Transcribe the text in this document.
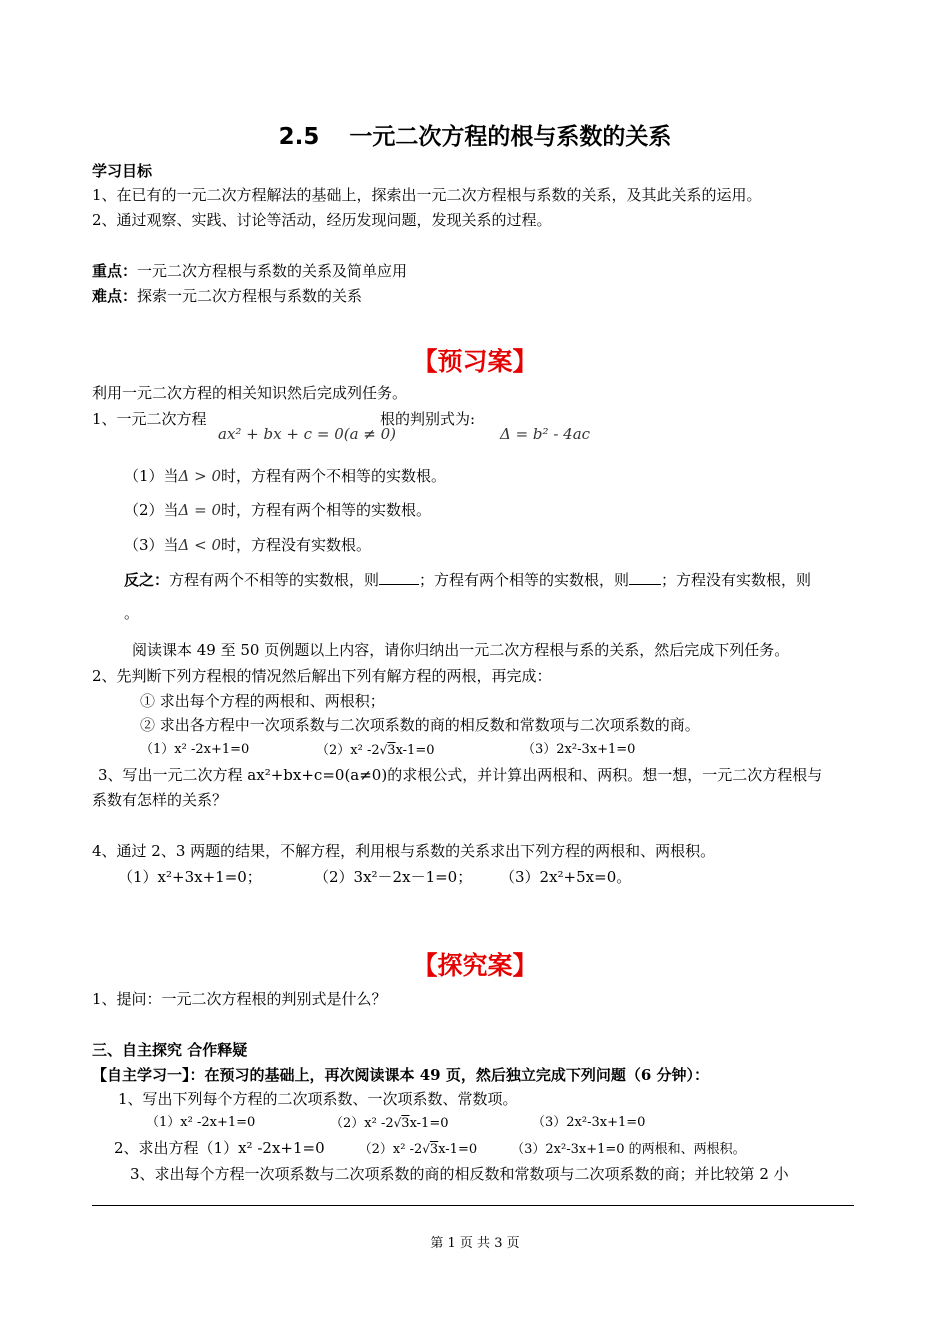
2.5 一元二次方程的根与系数的关系
学习目标
1、在已有的一元二次方程解法的基础上，探索出一元二次方程根与系数的关系，及其此关系的运用。
2、通过观察、实践、讨论等活动，经历发现问题，发现关系的过程。
重点：一元二次方程根与系数的关系及简单应用
难点：探索一元二次方程根与系数的关系
【预习案】
利用一元二次方程的相关知识然后完成列任务。
1、一元二次方程
ax² + bx + c = 0(a ≠ 0)
根的判别式为:
Δ = b² - 4ac
（1）当Δ > 0时，方程有两个不相等的实数根。
（2）当Δ = 0时，方程有两个相等的实数根。
（3）当Δ < 0时，方程没有实数根。
反之：方程有两个不相等的实数根，则	；方程有两个相等的实数根，则 ；方程没有实数根，则
。
阅读课本 49 至 50 页例题以上内容，请你归纳出一元二次方程根与系的关系，然后完成下列任务。
2、先判断下列方程根的情况然后解出下列有解方程的两根，再完成：
① 求出每个方程的两根和、两根积；
② 求出各方程中一次项系数与二次项系数的商的相反数和常数项与二次项系数的商。
（1）x² -2x+1=0	（2）x² -2√3x-1=0	（3）2x²-3x+1=0
3、写出一元二次方程 ax²+bx+c=0(a≠0)的求根公式，并计算出两根和、两积。想一想，一元二次方程根与
系数有怎样的关系？
4、通过 2、3 两题的结果，不解方程，利用根与系数的关系求出下列方程的两根和、两根积。
（1）x²+3x+1=0；	（2）3x²－2x－1=0； （3）2x²+5x=0。
【探究案】
1、提问：一元二次方程根的判别式是什么？
三、自主探究 合作释疑
【自主学习一】：在预习的基础上，再次阅读课本 49 页，然后独立完成下列问题（6 分钟）：
1、写出下列每个方程的二次项系数、一次项系数、常数项。
（1）x² -2x+1=0	（2）x² -2√3x-1=0	（3）2x²-3x+1=0
2、求出方程（1）x² -2x+1=0	（2）x² -2√3x-1=0	（3）2x²-3x+1=0 的两根和、两根积。
3、求出每个方程一次项系数与二次项系数的商的相反数和常数项与二次项系数的商；并比较第 2 小
第 1 页 共 3 页
